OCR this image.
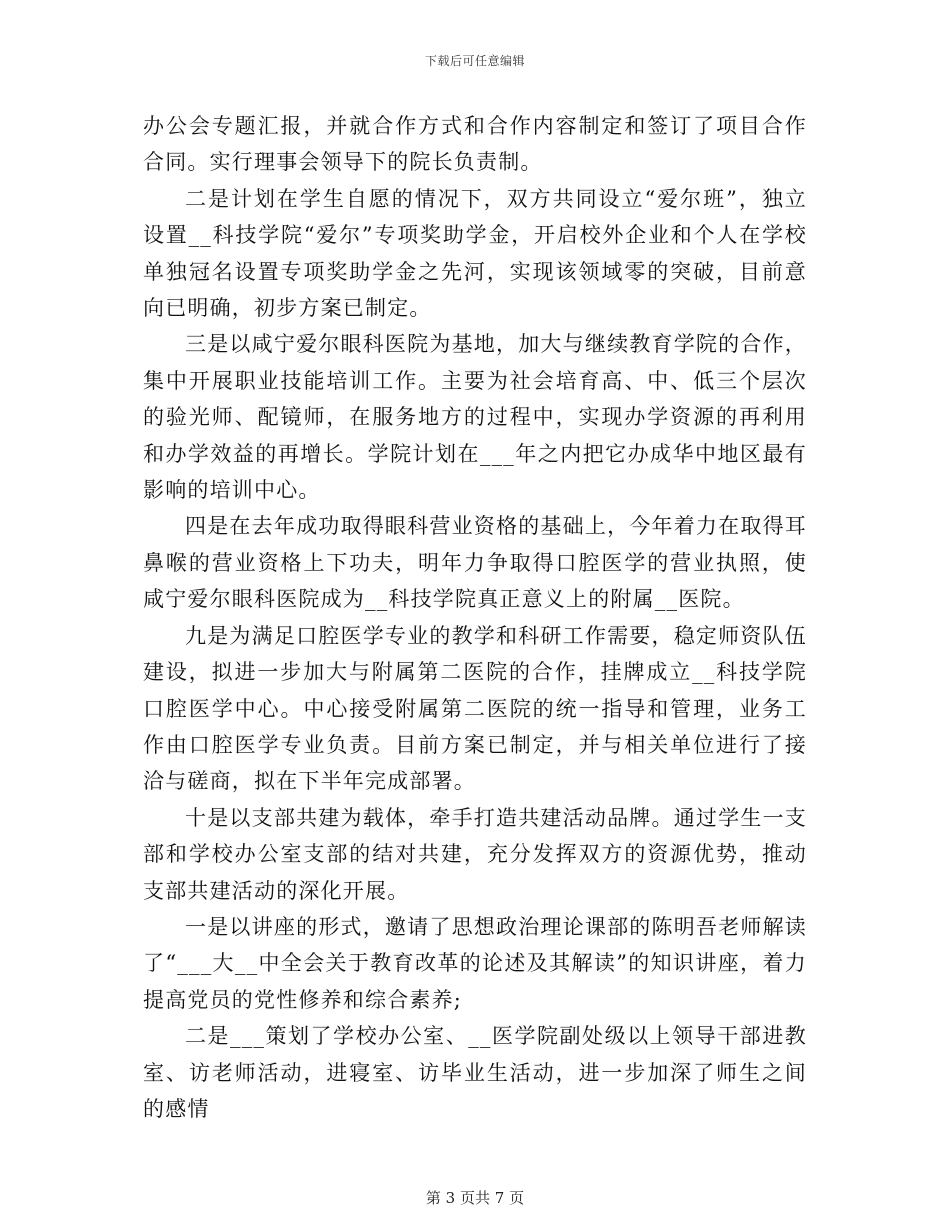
下载后可任意编辑

办公会专题汇报，并就合作方式和合作内容制定和签订了项目合作合同。实行理事会领导下的院长负责制。

二是计划在学生自愿的情况下，双方共同设立“爱尔班”，独立设置__科技学院“爱尔”专项奖助学金，开启校外企业和个人在学校单独冠名设置专项奖助学金之先河，实现该领域零的突破，目前意向已明确，初步方案已制定。

三是以咸宁爱尔眼科医院为基地，加大与继续教育学院的合作，集中开展职业技能培训工作。主要为社会培育高、中、低三个层次的验光师、配镜师，在服务地方的过程中，实现办学资源的再利用和办学效益的再增长。学院计划在___年之内把它办成华中地区最有影响的培训中心。

四是在去年成功取得眼科营业资格的基础上，今年着力在取得耳鼻喉的营业资格上下功夫，明年力争取得口腔医学的营业执照，使咸宁爱尔眼科医院成为__科技学院真正意义上的附属__医院。

九是为满足口腔医学专业的教学和科研工作需要，稳定师资队伍建设，拟进一步加大与附属第二医院的合作，挂牌成立__科技学院口腔医学中心。中心接受附属第二医院的统一指导和管理，业务工作由口腔医学专业负责。目前方案已制定，并与相关单位进行了接洽与磋商，拟在下半年完成部署。

十是以支部共建为载体，牵手打造共建活动品牌。通过学生一支部和学校办公室支部的结对共建，充分发挥双方的资源优势，推动支部共建活动的深化开展。

一是以讲座的形式，邀请了思想政治理论课部的陈明吾老师解读了“___大__中全会关于教育改革的论述及其解读”的知识讲座，着力提高党员的党性修养和综合素养;

二是___策划了学校办公室、__医学院副处级以上领导干部进教室、访老师活动，进寝室、访毕业生活动，进一步加深了师生之间的感情

第 3 页共 7 页
